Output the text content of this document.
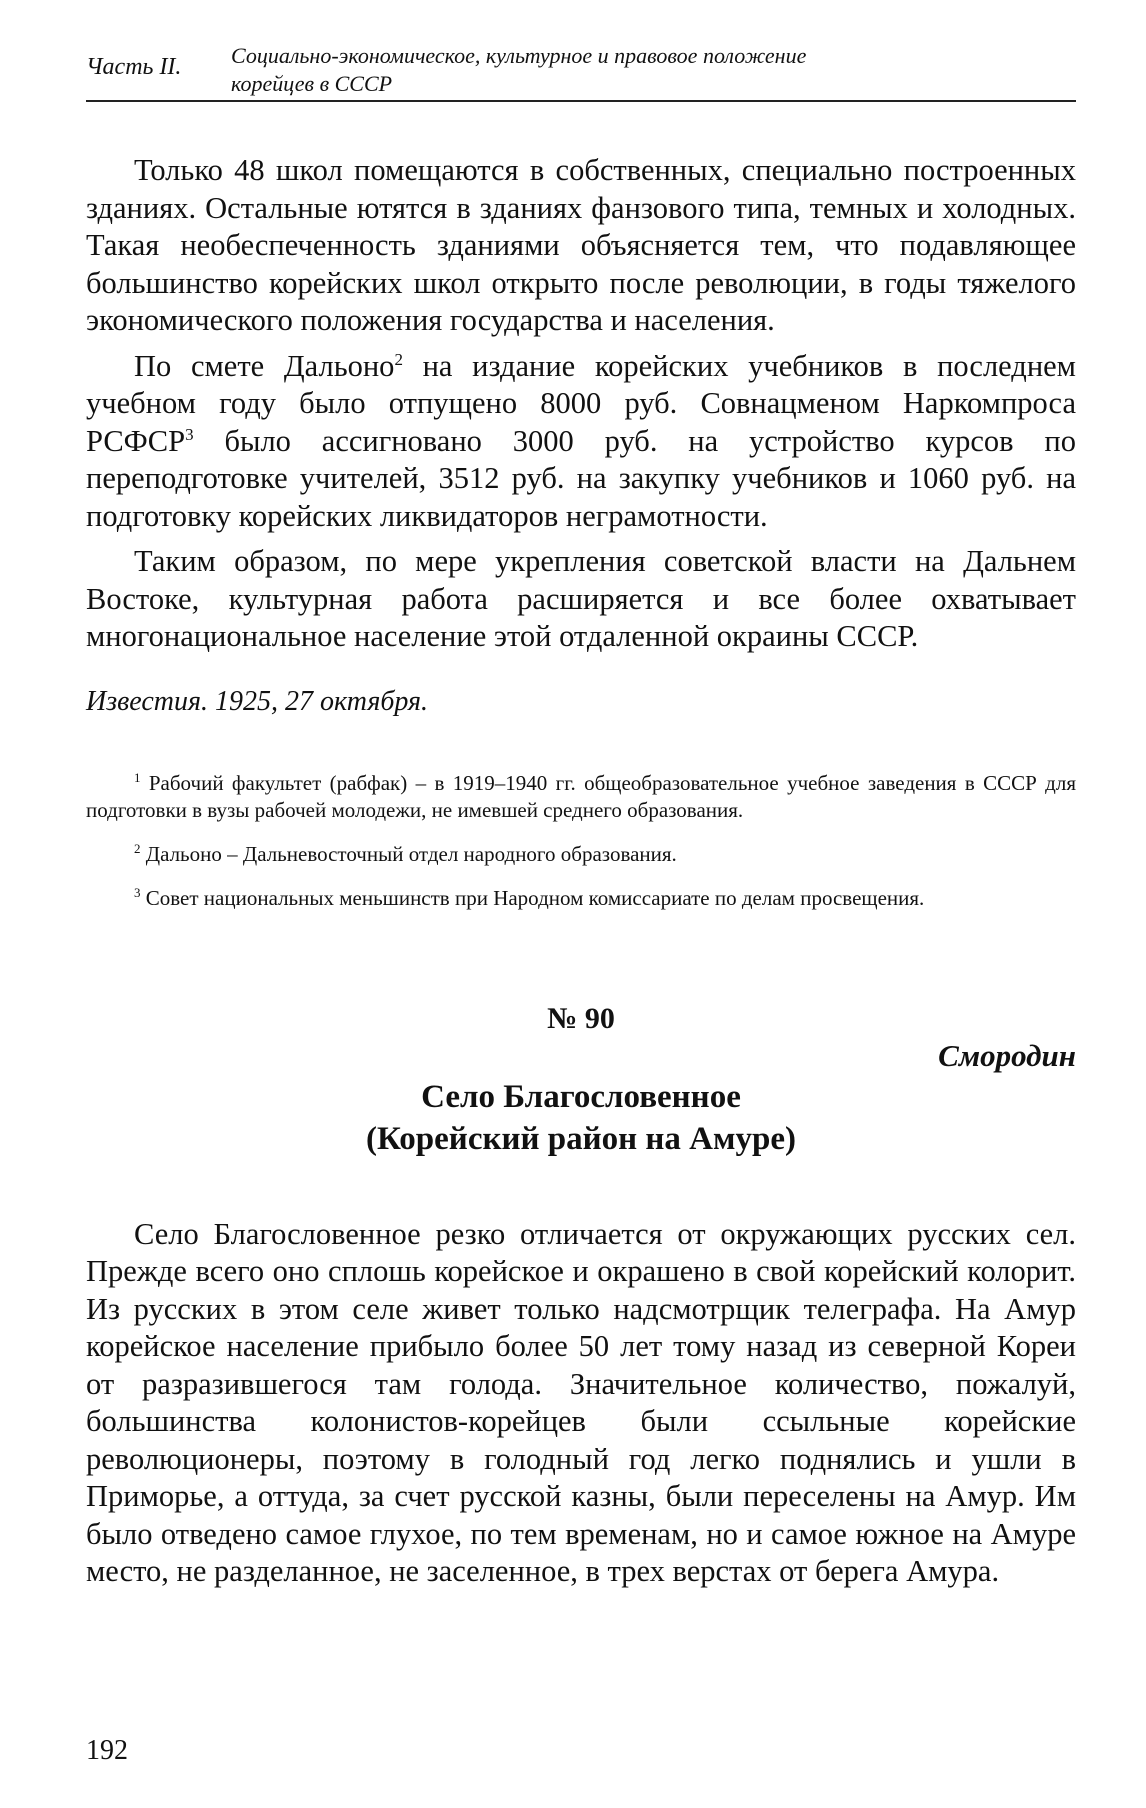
Часть II. Социально-экономическое, культурное и правовое положение
корейцев в СССР

Только 48 школ помещаются в собственных, специально построенных зданиях. Остальные ютятся в зданиях фанзового типа, темных и холодных. Такая необеспеченность зданиями объясняется тем, что подавляющее большинство корейских школ открыто после революции, в годы тяжелого экономического положения государства и населения.

По смете Дальоно$^2$ на издание корейских учебников в последнем учебном году было отпущено 8000 руб. Совнацменом Наркомпроса РСФСР$^3$ было ассигновано 3000 руб. на устройство курсов по переподготовке учителей, 3512 руб. на закупку учебников и 1060 руб. на подготовку корейских ликвидаторов неграмотности.

Таким образом, по мере укрепления советской власти на Дальнем Востоке, культурная работа расширяется и все более охватывает многонациональное население этой отдаленной окраины СССР.

Известия. 1925, 27 октября.

$^1$ Рабочий факультет (рабфак) – в 1919–1940 гг. общеобразовательное учебное заведения в СССР для подготовки в вузы рабочей молодежи, не имевшей среднего образования.

$^2$ Дальоно – Дальневосточный отдел народного образования.

$^3$ Совет национальных меньшинств при Народном комиссариате по делам просвещения.

№ 90
Смородин
Село Благословенное
(Корейский район на Амуре)

Село Благословенное резко отличается от окружающих русских сел. Прежде всего оно сплошь корейское и окрашено в свой корейский колорит. Из русских в этом селе живет только надсмотрщик телеграфа. На Амур корейское население прибыло более 50 лет тому назад из северной Кореи от разразившегося там голода. Значительное количество, пожалуй, большинства колонистов-корейцев были ссыльные корейские революционеры, поэтому в голодный год легко поднялись и ушли в Приморье, а оттуда, за счет русской казны, были переселены на Амур. Им было отведено самое глухое, по тем временам, но и самое южное на Амуре место, не разделанное, не заселенное, в трех верстах от берега Амура.

192
